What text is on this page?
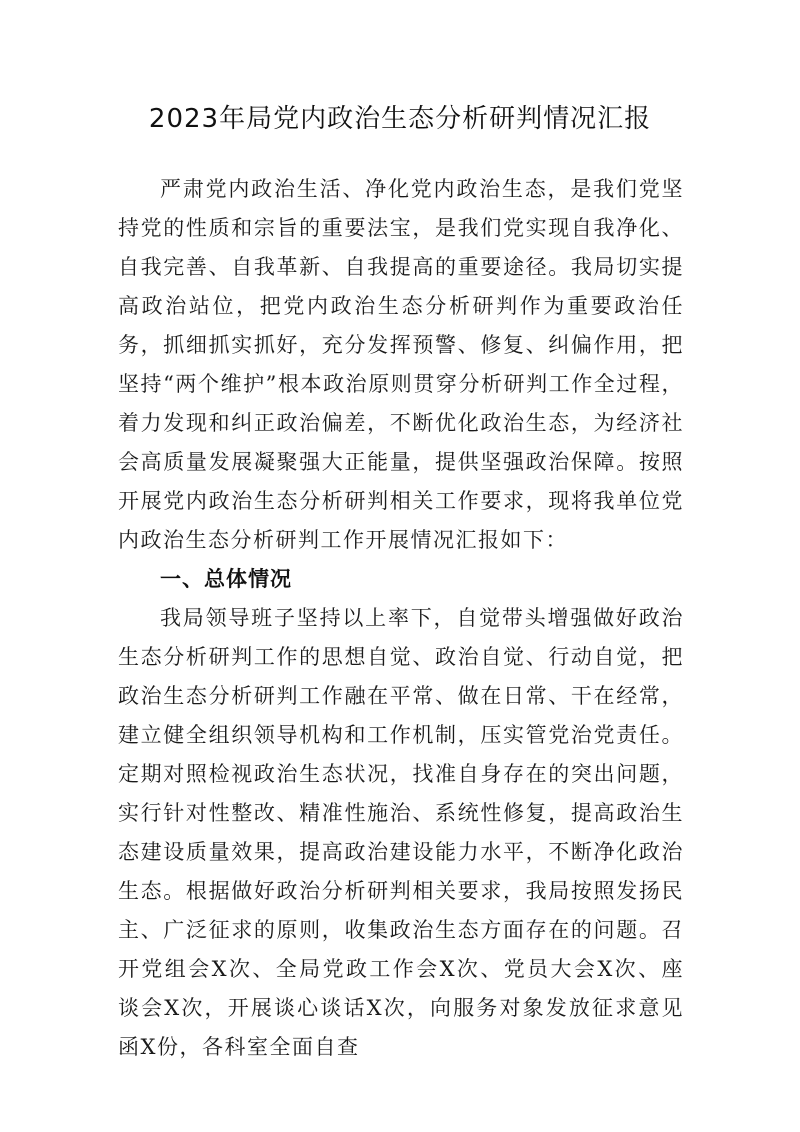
2023年局党内政治生态分析研判情况汇报

严肃党内政治生活、净化党内政治生态，是我们党坚持党的性质和宗旨的重要法宝，是我们党实现自我净化、自我完善、自我革新、自我提高的重要途径。我局切实提高政治站位，把党内政治生态分析研判作为重要政治任务，抓细抓实抓好，充分发挥预警、修复、纠偏作用，把坚持“两个维护”根本政治原则贯穿分析研判工作全过程，着力发现和纠正政治偏差，不断优化政治生态，为经济社会高质量发展凝聚强大正能量，提供坚强政治保障。按照开展党内政治生态分析研判相关工作要求，现将我单位党内政治生态分析研判工作开展情况汇报如下：

一、总体情况

我局领导班子坚持以上率下，自觉带头增强做好政治生态分析研判工作的思想自觉、政治自觉、行动自觉，把政治生态分析研判工作融在平常、做在日常、干在经常，建立健全组织领导机构和工作机制，压实管党治党责任。定期对照检视政治生态状况，找准自身存在的突出问题，实行针对性整改、精准性施治、系统性修复，提高政治生态建设质量效果，提高政治建设能力水平，不断净化政治生态。根据做好政治分析研判相关要求，我局按照发扬民主、广泛征求的原则，收集政治生态方面存在的问题。召开党组会X次、全局党政工作会X次、党员大会X次、座谈会X次，开展谈心谈话X次，向服务对象发放征求意见函X份，各科室全面自查
